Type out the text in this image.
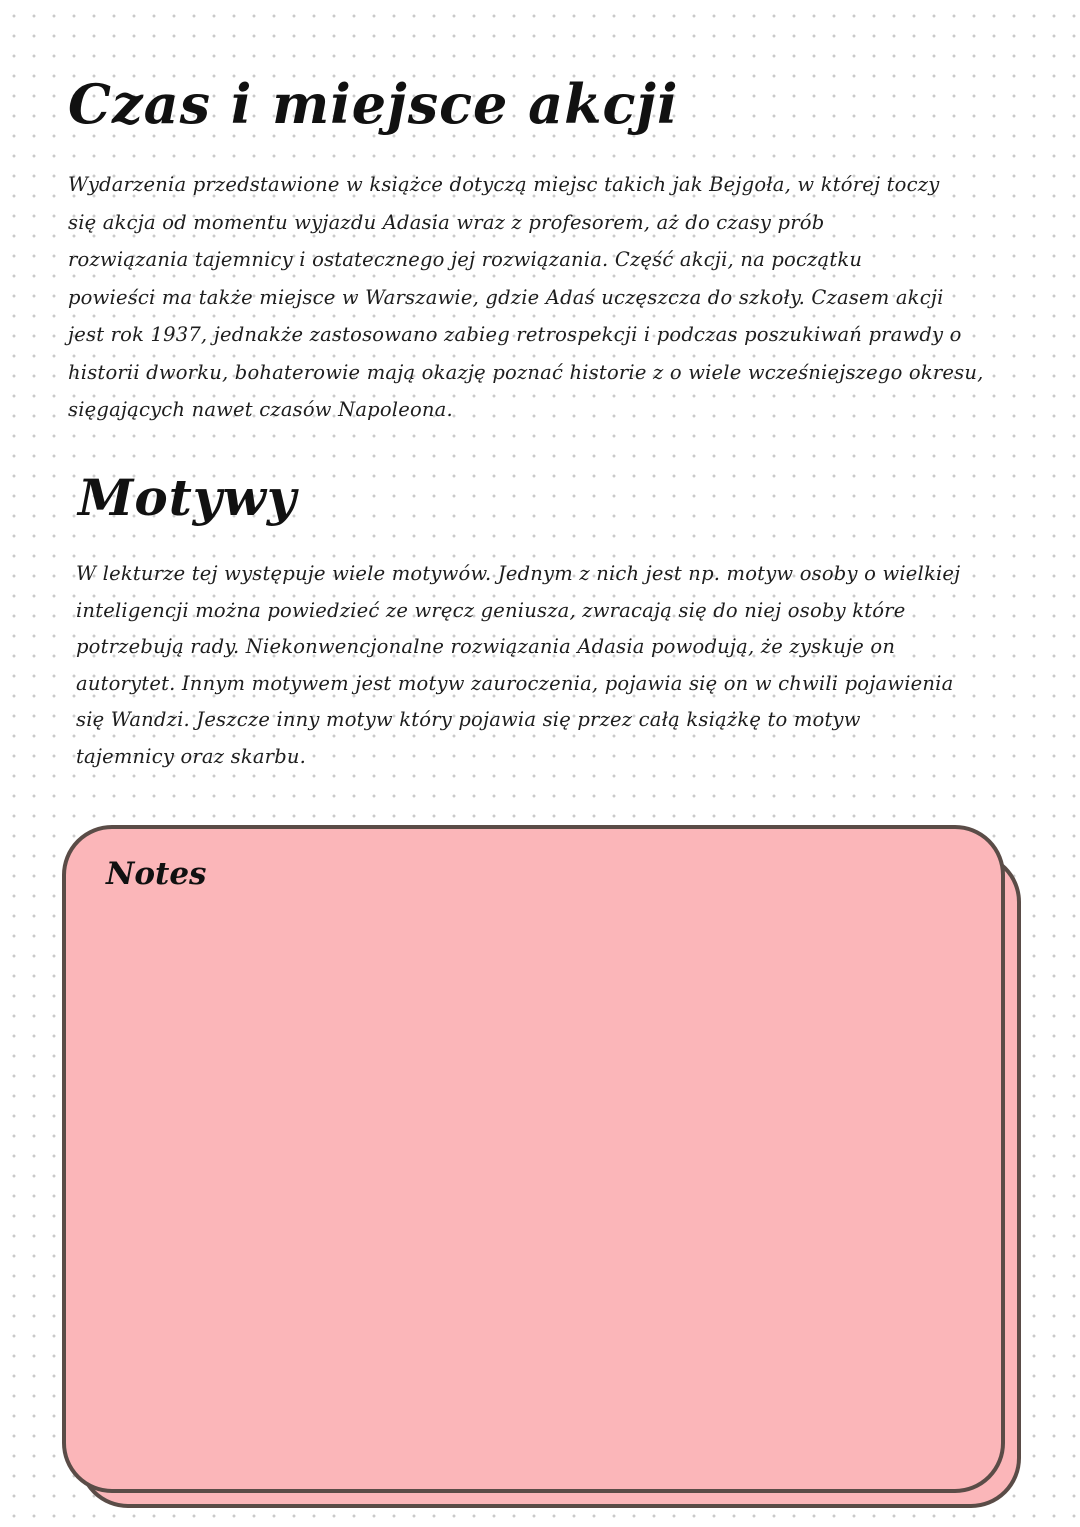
Czas i miejsce akcji
Wydarzenia przedstawione w książce dotyczą miejsc takich jak Bejgoła, w której toczy
się akcja od momentu wyjazdu Adasia wraz z profesorem, aż do czasy prób
rozwiązania tajemnicy i ostatecznego jej rozwiązania. Część akcji, na początku
powieści ma także miejsce w Warszawie, gdzie Adaś uczęszcza do szkoły. Czasem akcji
jest rok 1937, jednakże zastosowano zabieg retrospekcji i podczas poszukiwań prawdy o
historii dworku, bohaterowie mają okazję poznać historie z o wiele wcześniejszego okresu,
sięgających nawet czasów Napoleona.
Motywy
W lekturze tej występuje wiele motywów. Jednym z nich jest np. motyw osoby o wielkiej
inteligencji można powiedzieć ze wręcz geniusza, zwracają się do niej osoby które
potrzebują rady. Niekonwencjonalne rozwiązania Adasia powodują, że zyskuje on
autorytet. Innym motywem jest motyw zauroczenia, pojawia się on w chwili pojawienia
się Wandzi. Jeszcze inny motyw który pojawia się przez całą książkę to motyw
tajemnicy oraz skarbu.
Notes
